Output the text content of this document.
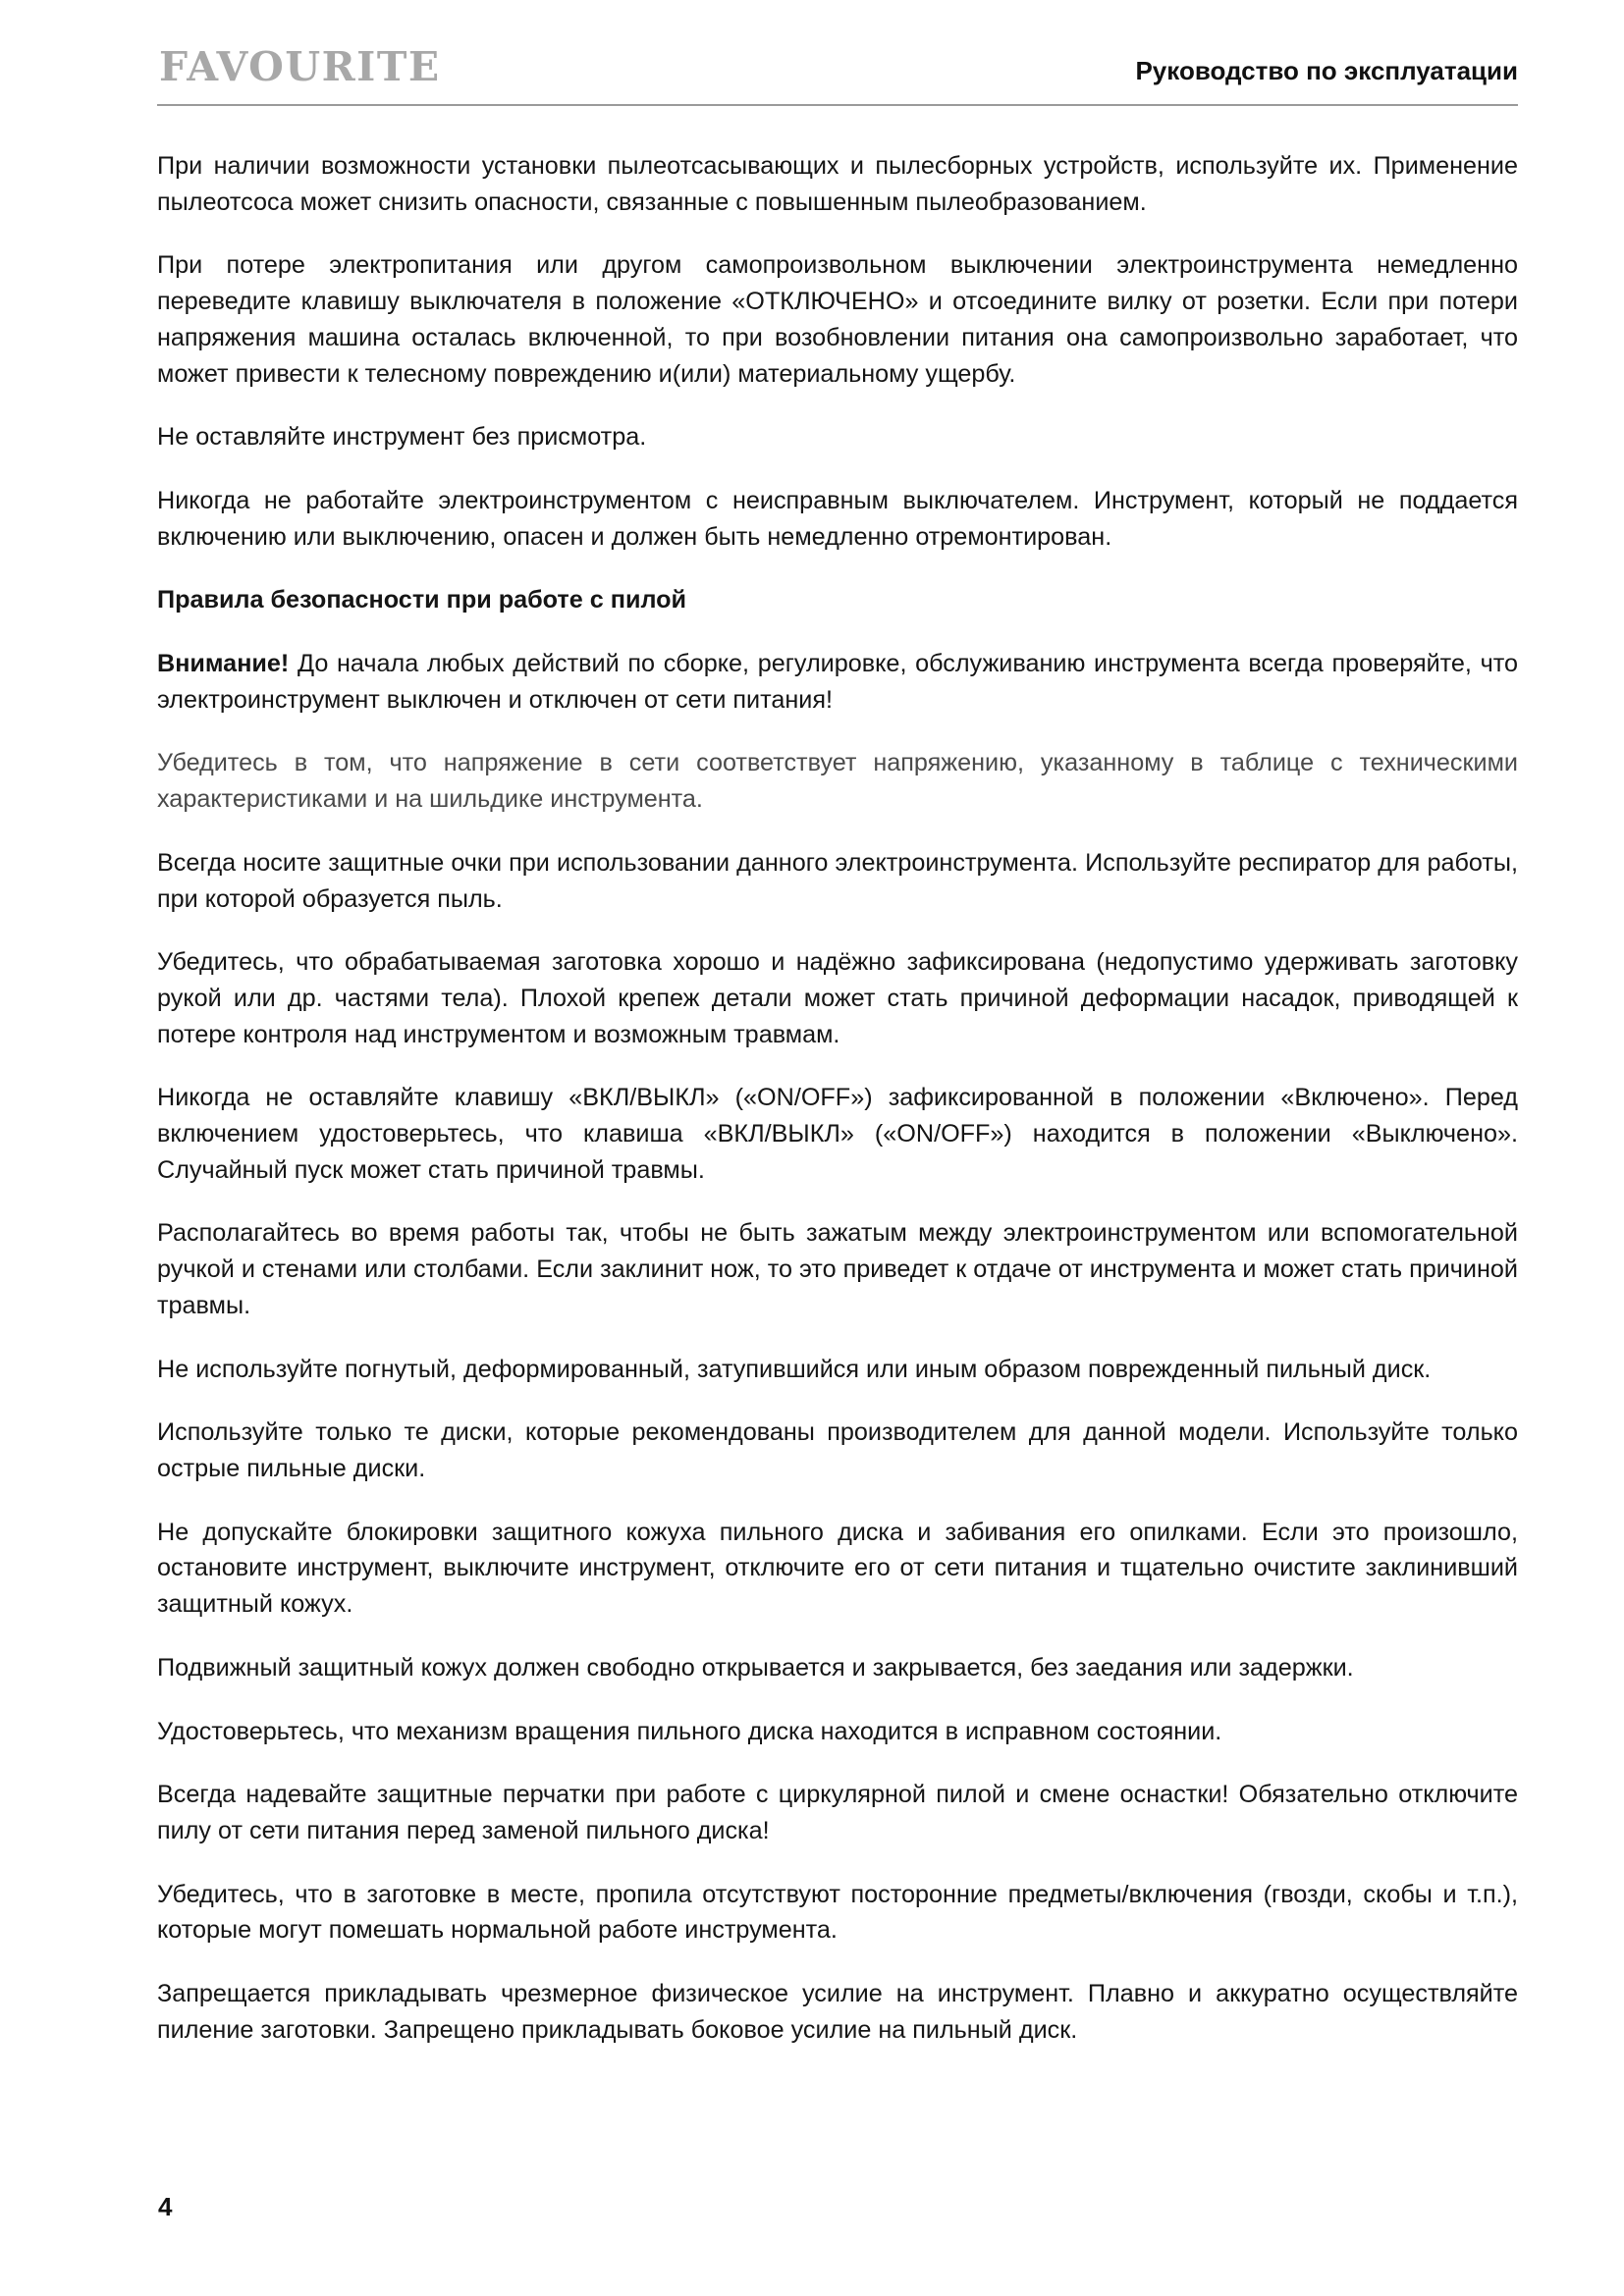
FAVOURITE	Руководство по эксплуатации

При наличии возможности установки пылеотсасывающих и пылесборных устройств, используйте их. Применение пылеотсоса может снизить опасности, связанные с повышенным пылеобразованием.

При потере электропитания или другом самопроизвольном выключении электроинструмента немедленно переведите клавишу выключателя в положение «ОТКЛЮЧЕНО» и отсоедините вилку от розетки. Если при потери напряжения машина осталась включенной, то при возобновлении питания она самопроизвольно заработает, что может привести к телесному повреждению и(или) материальному ущербу.

Не оставляйте инструмент без присмотра.

Никогда не работайте электроинструментом с неисправным выключателем. Инструмент, который не поддается включению или выключению, опасен и должен быть немедленно отремонтирован.

Правила безопасности при работе с пилой

Внимание! До начала любых действий по сборке, регулировке, обслуживанию инструмента всегда проверяйте, что электроинструмент выключен и отключен от сети питания!

Убедитесь в том, что напряжение в сети соответствует напряжению, указанному в таблице с техническими характеристиками и на шильдике инструмента.

Всегда носите защитные очки при использовании данного электроинструмента. Используйте респиратор для работы, при которой образуется пыль.

Убедитесь, что обрабатываемая заготовка хорошо и надёжно зафиксирована (недопустимо удерживать заготовку рукой или др. частями тела). Плохой крепеж детали может стать причиной деформации насадок, приводящей к потере контроля над инструментом и возможным травмам.

Никогда не оставляйте клавишу «ВКЛ/ВЫКЛ» («ON/OFF») зафиксированной в положении «Включено». Перед включением удостоверьтесь, что клавиша «ВКЛ/ВЫКЛ» («ON/OFF») находится в положении «Выключено». Случайный пуск может стать причиной травмы.

Располагайтесь во время работы так, чтобы не быть зажатым между электроинструментом или вспомогательной ручкой и стенами или столбами. Если заклинит нож, то это приведет к отдаче от инструмента и может стать причиной травмы.

Не используйте погнутый, деформированный, затупившийся или иным образом поврежденный пильный диск.

Используйте только те диски, которые рекомендованы производителем для данной модели. Используйте только острые пильные диски.

Не допускайте блокировки защитного кожуха пильного диска и забивания его опилками. Если это произошло, остановите инструмент, выключите инструмент, отключите его от сети питания и тщательно очистите заклинивший защитный кожух.

Подвижный защитный кожух должен свободно открывается и закрывается, без заедания или задержки.

Удостоверьтесь, что механизм вращения пильного диска находится в исправном состоянии.

Всегда надевайте защитные перчатки при работе с циркулярной пилой и смене оснастки! Обязательно отключите пилу от сети питания перед заменой пильного диска!

Убедитесь, что в заготовке в месте, пропила отсутствуют посторонние предметы/включения (гвозди, скобы и т.п.), которые могут помешать нормальной работе инструмента.

Запрещается прикладывать чрезмерное физическое усилие на инструмент. Плавно и аккуратно осуществляйте пиление заготовки. Запрещено прикладывать боковое усилие на пильный диск.

4
